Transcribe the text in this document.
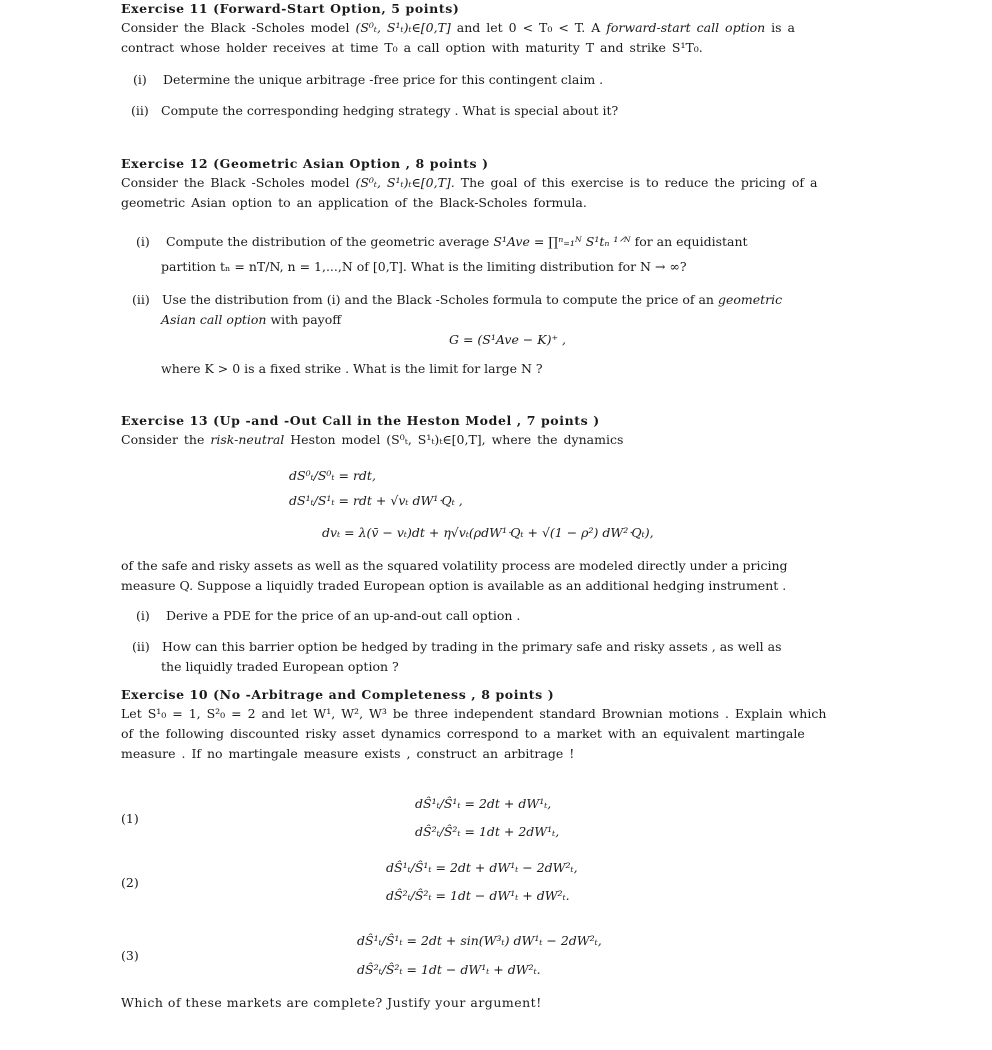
Exercise 11 (Forward-Start Option, 5 points)
Consider the Black -Scholes model (S⁰ₜ, S¹ₜ)ₜ∈[0,T] and let 0 < T₀ < T. A forward-start call option is a
contract whose holder receives at time T₀ a call option with maturity T and strike S¹T₀.
(i) Determine the unique arbitrage -free price for this contingent claim .
(ii) Compute the corresponding hedging strategy . What is special about it?
Exercise 12 (Geometric Asian Option , 8 points )
Consider the Black -Scholes model (S⁰ₜ, S¹ₜ)ₜ∈[0,T]. The goal of this exercise is to reduce the pricing of a
geometric Asian option to an application of the Black-Scholes formula.
(i) Compute the distribution of the geometric average S¹Ave = ∏ⁿ₌₁ᴺ S¹tₙ ¹ᐟᴺ for an equidistant
partition tₙ = nT/N, n = 1,...,N of [0,T]. What is the limiting distribution for N → ∞?
(ii) Use the distribution from (i) and the Black -Scholes formula to compute the price of an geometric
Asian call option with payoff
G = (S¹Ave − K)⁺ ,
where K > 0 is a fixed strike . What is the limit for large N ?
Exercise 13 (Up -and -Out Call in the Heston Model , 7 points )
Consider the risk-neutral Heston model (S⁰ₜ, S¹ₜ)ₜ∈[0,T], where the dynamics
dS⁰ₜ/S⁰ₜ = rdt,
dS¹ₜ/S¹ₜ = rdt + √vₜ dW¹ᐧQₜ ,
dvₜ = λ(v̄ − vₜ)dt + η√vₜ(ρdW¹ᐧQₜ + √(1 − ρ²) dW²ᐧQₜ),
of the safe and risky assets as well as the squared volatility process are modeled directly under a pricing
measure Q. Suppose a liquidly traded European option is available as an additional hedging instrument .
(i) Derive a PDE for the price of an up-and-out call option .
(ii) How can this barrier option be hedged by trading in the primary safe and risky assets , as well as
the liquidly traded European option ?
Exercise 10 (No -Arbitrage and Completeness , 8 points )
Let S¹₀ = 1, S²₀ = 2 and let W¹, W², W³ be three independent standard Brownian motions . Explain which
of the following discounted risky asset dynamics correspond to a market with an equivalent martingale
measure . If no martingale measure exists , construct an arbitrage !
(1)
dŜ¹ₜ/Ŝ¹ₜ = 2dt + dW¹ₜ,
dŜ²ₜ/Ŝ²ₜ = 1dt + 2dW¹ₜ,
(2)
dŜ¹ₜ/Ŝ¹ₜ = 2dt + dW¹ₜ − 2dW²ₜ,
dŜ²ₜ/Ŝ²ₜ = 1dt − dW¹ₜ + dW²ₜ.
(3)
dŜ¹ₜ/Ŝ¹ₜ = 2dt + sin(W³ₜ) dW¹ₜ − 2dW²ₜ,
dŜ²ₜ/Ŝ²ₜ = 1dt − dW¹ₜ + dW²ₜ.
Which of these markets are complete? Justify your argument!
